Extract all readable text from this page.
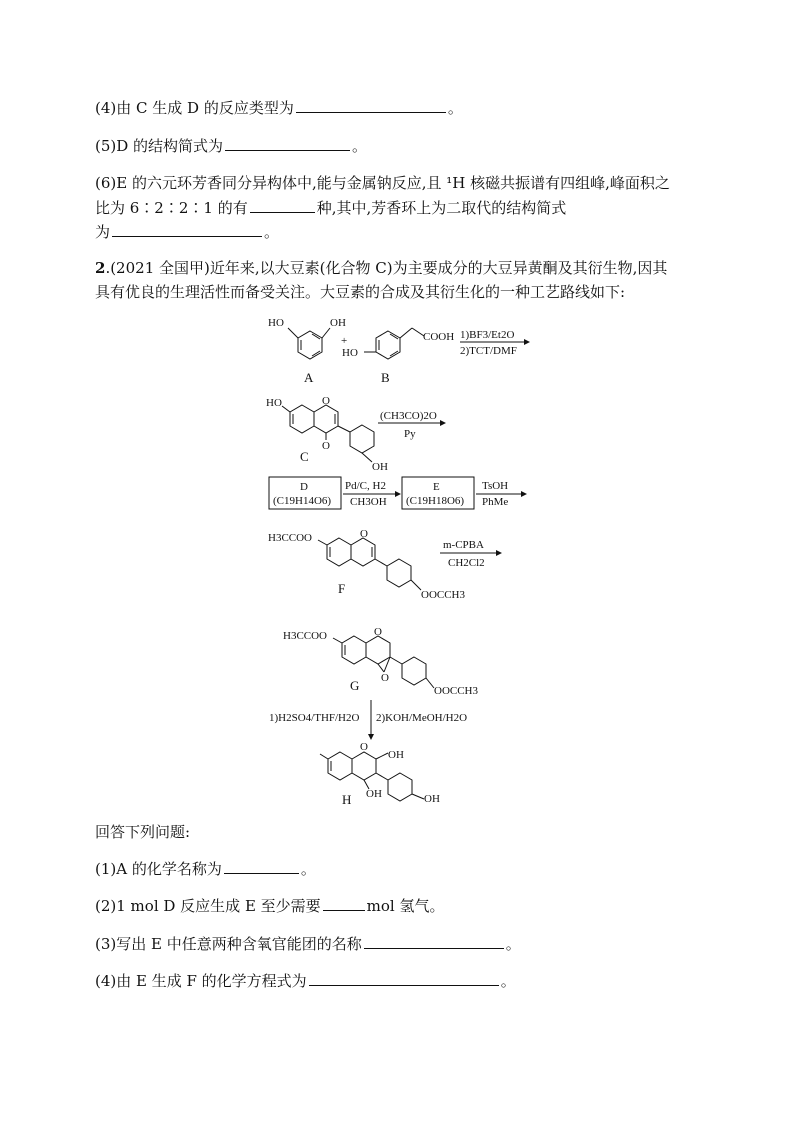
(4)由 C 生成 D 的反应类型为	。
(5)D 的结构简式为	。
(6)E 的六元环芳香同分异构体中,能与金属钠反应,且 ¹H 核磁共振谱有四组峰,峰面积之
比为 6∶2∶2∶1 的有	种,其中,芳香环上为二取代的结构简式
为	。
2.(2021 全国甲)近年来,以大豆素(化合物 C)为主要成分的大豆异黄酮及其衍生物,因其
具有优良的生理活性而备受关注。大豆素的合成及其衍生化的一种工艺路线如下:
HO	OH
A
+	COOH
HO
B
1)BF3/Et2O
2)TCT/DMF
HO	O
O
OH
C
(CH3CO)2O
Py
D
(C19H14O6)
Pd/C, H2
CH3OH
E
(C19H18O6)
TsOH
PhMe
H3CCOO	O
OOCCH3
F
m-CPBA
CH2Cl2
H3CCOO	O
O
OOCCH3
G
1)H2SO4/THF/H2O 2)KOH/MeOH/H2O
O
OH
OH	OH
H
回答下列问题:
(1)A 的化学名称为	。
(2)1 mol D 反应生成 E 至少需要	mol 氢气。
(3)写出 E 中任意两种含氧官能团的名称	。
(4)由 E 生成 F 的化学方程式为	。
